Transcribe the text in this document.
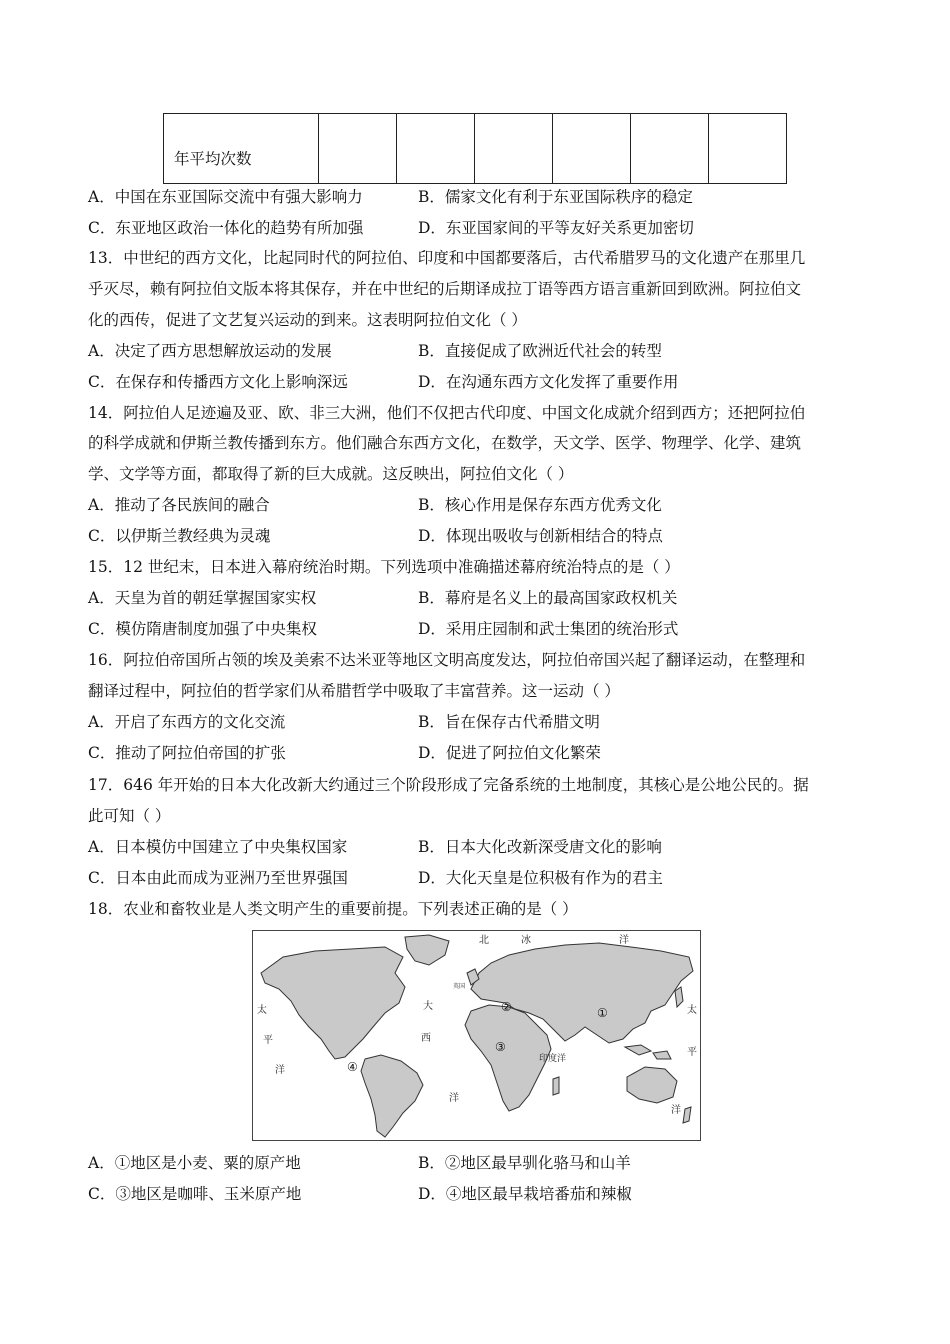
年平均次数						
A．中国在东亚国际交流中有强大影响力	B．儒家文化有利于东亚国际秩序的稳定
C．东亚地区政治一体化的趋势有所加强	D．东亚国家间的平等友好关系更加密切
13．中世纪的西方文化，比起同时代的阿拉伯、印度和中国都要落后，古代希腊罗马的文化遗产在那里几
乎灭尽，赖有阿拉伯文版本将其保存，并在中世纪的后期译成拉丁语等西方语言重新回到欧洲。阿拉伯文
化的西传，促进了文艺复兴运动的到来。这表明阿拉伯文化（ ）
A．决定了西方思想解放运动的发展	B．直接促成了欧洲近代社会的转型
C．在保存和传播西方文化上影响深远	D．在沟通东西方文化发挥了重要作用
14．阿拉伯人足迹遍及亚、欧、非三大洲，他们不仅把古代印度、中国文化成就介绍到西方；还把阿拉伯
的科学成就和伊斯兰教传播到东方。他们融合东西方文化，在数学，天文学、医学、物理学、化学、建筑
学、文学等方面，都取得了新的巨大成就。这反映出，阿拉伯文化（ ）
A．推动了各民族间的融合	B．核心作用是保存东西方优秀文化
C．以伊斯兰教经典为灵魂	D．体现出吸收与创新相结合的特点
15．12 世纪末，日本进入幕府统治时期。下列选项中准确描述幕府统治特点的是（ ）
A．天皇为首的朝廷掌握国家实权	B．幕府是名义上的最高国家政权机关
C．模仿隋唐制度加强了中央集权	D．采用庄园制和武士集团的统治形式
16．阿拉伯帝国所占领的埃及美索不达米亚等地区文明高度发达，阿拉伯帝国兴起了翻译运动，在整理和
翻译过程中，阿拉伯的哲学家们从希腊哲学中吸取了丰富营养。这一运动（ ）
A．开启了东西方的文化交流	B．旨在保存古代希腊文明
C．推动了阿拉伯帝国的扩张	D．促进了阿拉伯文化繁荣
17．646 年开始的日本大化改新大约通过三个阶段形成了完备系统的土地制度，其核心是公地公民的。据
此可知（ ）
A．日本模仿中国建立了中央集权国家	B．日本大化改新深受唐文化的影响
C．日本由此而成为亚洲乃至世界强国	D．大化天皇是位积极有作为的君主
18．农业和畜牧业是人类文明产生的重要前提。下列表述正确的是（ ）
北	冰	洋
英国
大
西
洋
太
平
洋
太
平
洋
印度洋
①
②
③
④
A．①地区是小麦、粟的原产地	B．②地区最早驯化骆马和山羊
C．③地区是咖啡、玉米原产地	D．④地区最早栽培番茄和辣椒
